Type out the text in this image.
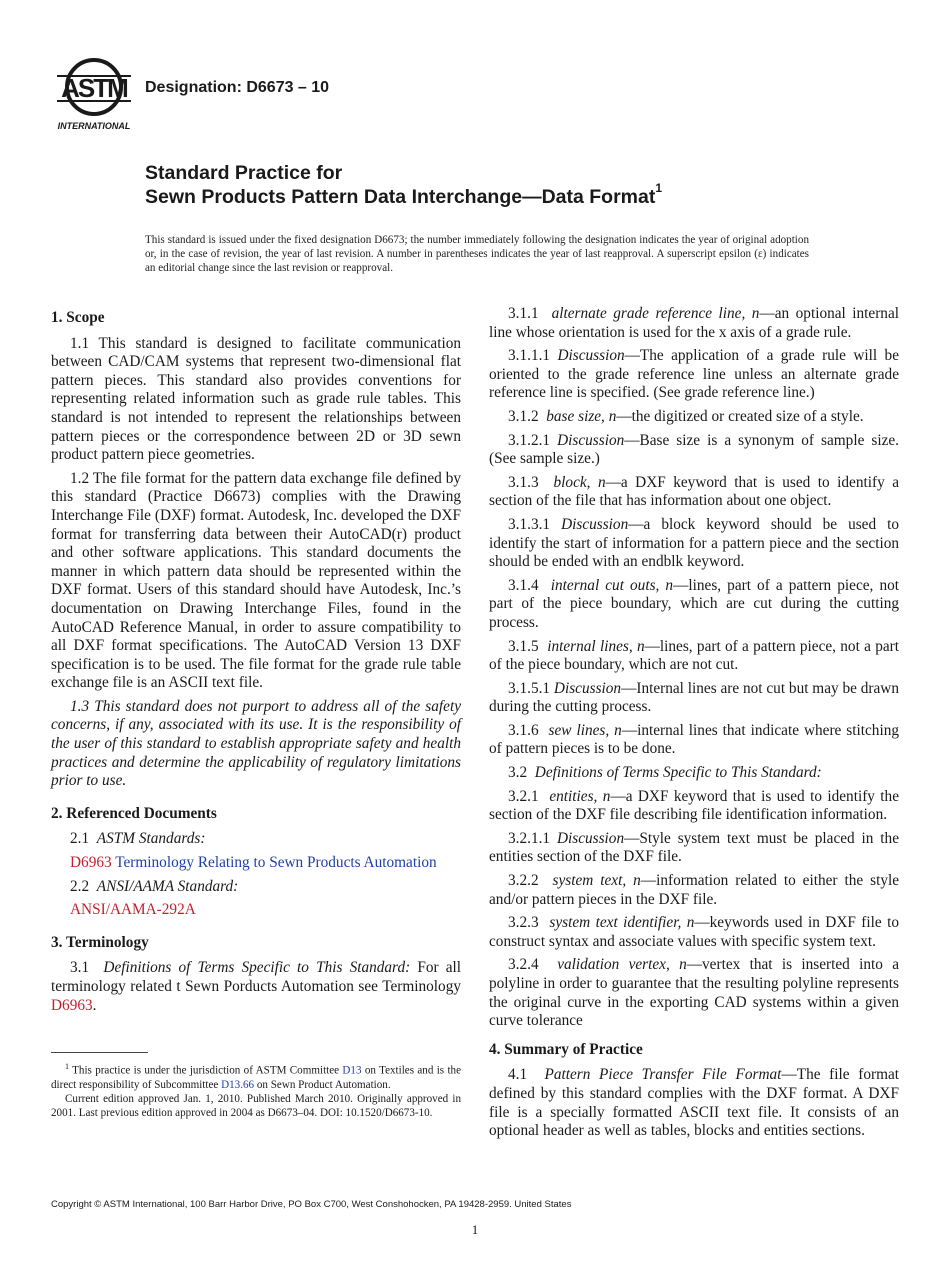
ASTM
INTERNATIONAL
Designation: D6673 – 10
Standard Practice for
Sewn Products Pattern Data Interchange—Data Format$^1$
This standard is issued under the fixed designation D6673; the number immediately following the designation indicates the year of original adoption or, in the case of revision, the year of last revision. A number in parentheses indicates the year of last reapproval. A superscript epsilon (ε) indicates an editorial change since the last revision or reapproval.
1. Scope

1.1 This standard is designed to facilitate communication between CAD/CAM systems that represent two-dimensional flat pattern pieces. This standard also provides conventions for representing related information such as grade rule tables. This standard is not intended to represent the relationships between pattern pieces or the correspondence between 2D or 3D sewn product pattern piece geometries.

1.2 The file format for the pattern data exchange file defined by this standard (Practice D6673) complies with the Drawing Interchange File (DXF) format. Autodesk, Inc. developed the DXF format for transferring data between their AutoCAD(r) product and other software applications. This standard documents the manner in which pattern data should be represented within the DXF format. Users of this standard should have Autodesk, Inc.’s documentation on Drawing Interchange Files, found in the AutoCAD Reference Manual, in order to assure compatibility to all DXF format specifications. The AutoCAD Version 13 DXF specification is to be used. The file format for the grade rule table exchange file is an ASCII text file.

1.3 This standard does not purport to address all of the safety concerns, if any, associated with its use. It is the responsibility of the user of this standard to establish appropriate safety and health practices and determine the applicability of regulatory limitations prior to use.

2. Referenced Documents
2.1 ASTM Standards:
D6963 Terminology Relating to Sewn Products Automation
2.2 ANSI/AAMA Standard:
ANSI/AAMA-292A
3. Terminology

3.1 Definitions of Terms Specific to This Standard: For all terminology related t Sewn Porducts Automation see Terminology D6963.

3.1.1 alternate grade reference line, n—an optional internal line whose orientation is used for the x axis of a grade rule.

3.1.1.1 Discussion—The application of a grade rule will be oriented to the grade reference line unless an alternate grade reference line is specified. (See grade reference line.)

3.1.2 base size, n—the digitized or created size of a style.

3.1.2.1 Discussion—Base size is a synonym of sample size. (See sample size.)

3.1.3 block, n—a DXF keyword that is used to identify a section of the file that has information about one object.

3.1.3.1 Discussion—a block keyword should be used to identify the start of information for a pattern piece and the section should be ended with an endblk keyword.

3.1.4 internal cut outs, n—lines, part of a pattern piece, not part of the piece boundary, which are cut during the cutting process.

3.1.5 internal lines, n—lines, part of a pattern piece, not a part of the piece boundary, which are not cut.

3.1.5.1 Discussion—Internal lines are not cut but may be drawn during the cutting process.

3.1.6 sew lines, n—internal lines that indicate where stitching of pattern pieces is to be done.

3.2 Definitions of Terms Specific to This Standard:

3.2.1 entities, n—a DXF keyword that is used to identify the section of the DXF file describing file identification information.

3.2.1.1 Discussion—Style system text must be placed in the entities section of the DXF file.

3.2.2 system text, n—information related to either the style and/or pattern pieces in the DXF file.

3.2.3 system text identifier, n—keywords used in DXF file to construct syntax and associate values with specific system text.

3.2.4 validation vertex, n—vertex that is inserted into a polyline in order to guarantee that the resulting polyline represents the original curve in the exporting CAD systems within a given curve tolerance

4. Summary of Practice

4.1 Pattern Piece Transfer File Format—The file format defined by this standard complies with the DXF format. A DXF file is a specially formatted ASCII text file. It consists of an optional header as well as tables, blocks and entities sections.

$^1$ This practice is under the jurisdiction of ASTM Committee D13 on Textiles and is the direct responsibility of Subcommittee D13.66 on Sewn Product Automation.

Current edition approved Jan. 1, 2010. Published March 2010. Originally approved in 2001. Last previous edition approved in 2004 as D6673–04. DOI: 10.1520/D6673-10.

Copyright © ASTM International, 100 Barr Harbor Drive, PO Box C700, West Conshohocken, PA 19428-2959. United States
1
